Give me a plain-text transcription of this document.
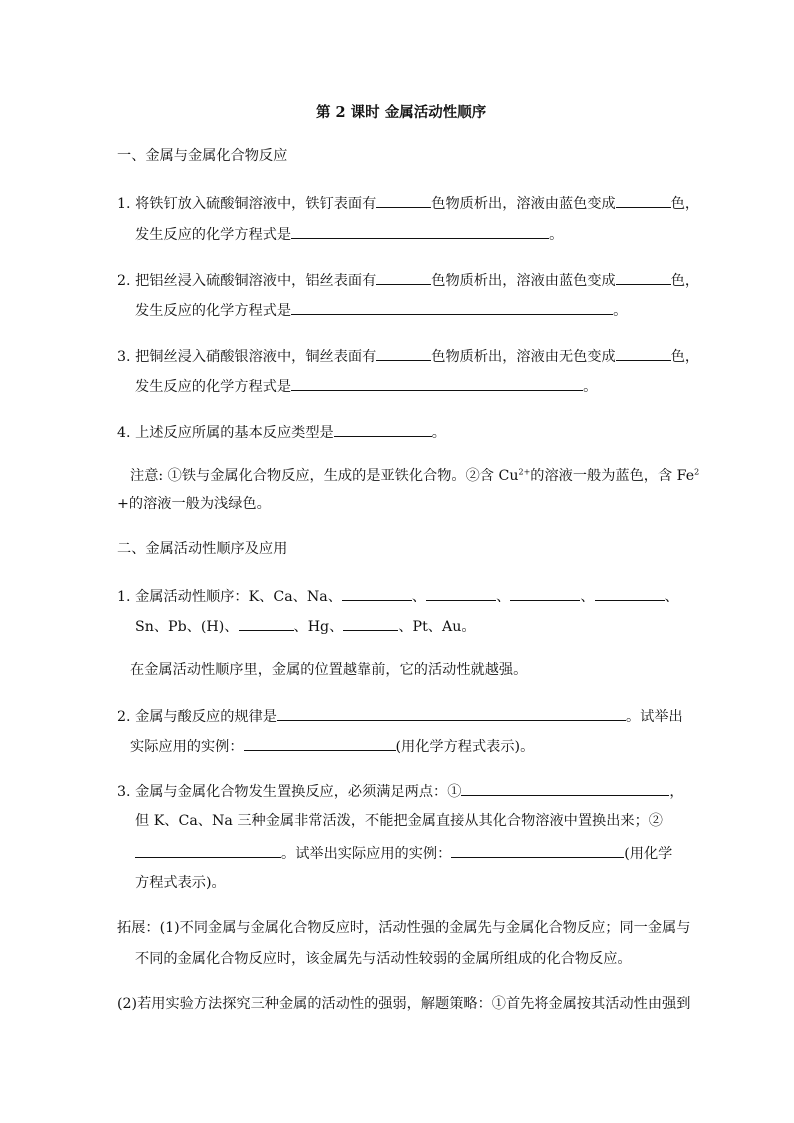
第 2 课时 金属活动性顺序
一、金属与金属化合物反应
1. 将铁钉放入硫酸铜溶液中，铁钉表面有	色物质析出，溶液由蓝色变成	色，
发生反应的化学方程式是	。
2. 把铝丝浸入硫酸铜溶液中，铝丝表面有	色物质析出，溶液由蓝色变成	色，
发生反应的化学方程式是	。
3. 把铜丝浸入硝酸银溶液中，铜丝表面有	色物质析出，溶液由无色变成	色，
发生反应的化学方程式是	。
4. 上述反应所属的基本反应类型是	。
注意: ①铁与金属化合物反应，生成的是亚铁化合物。②含 $Cu^{2+}$的溶液一般为蓝色，含 $Fe^2$
+的溶液一般为浅绿色。
二、金属活动性顺序及应用
1. 金属活动性顺序：K、Ca、Na、	、	、	、	、
Sn、Pb、(H)、	、Hg、	、Pt、Au。
在金属活动性顺序里，金属的位置越靠前，它的活动性就越强。
2. 金属与酸反应的规律是	。试举出
实际应用的实例：	(用化学方程式表示)。
3. 金属与金属化合物发生置换反应，必须满足两点：①	，
但 K、Ca、Na 三种金属非常活泼，不能把金属直接从其化合物溶液中置换出来；②
。试举出实际应用的实例：	(用化学
方程式表示)。
拓展：(1)不同金属与金属化合物反应时，活动性强的金属先与金属化合物反应；同一金属与
不同的金属化合物反应时，该金属先与活动性较弱的金属所组成的化合物反应。
(2)若用实验方法探究三种金属的活动性的强弱，解题策略：①首先将金属按其活动性由强到
